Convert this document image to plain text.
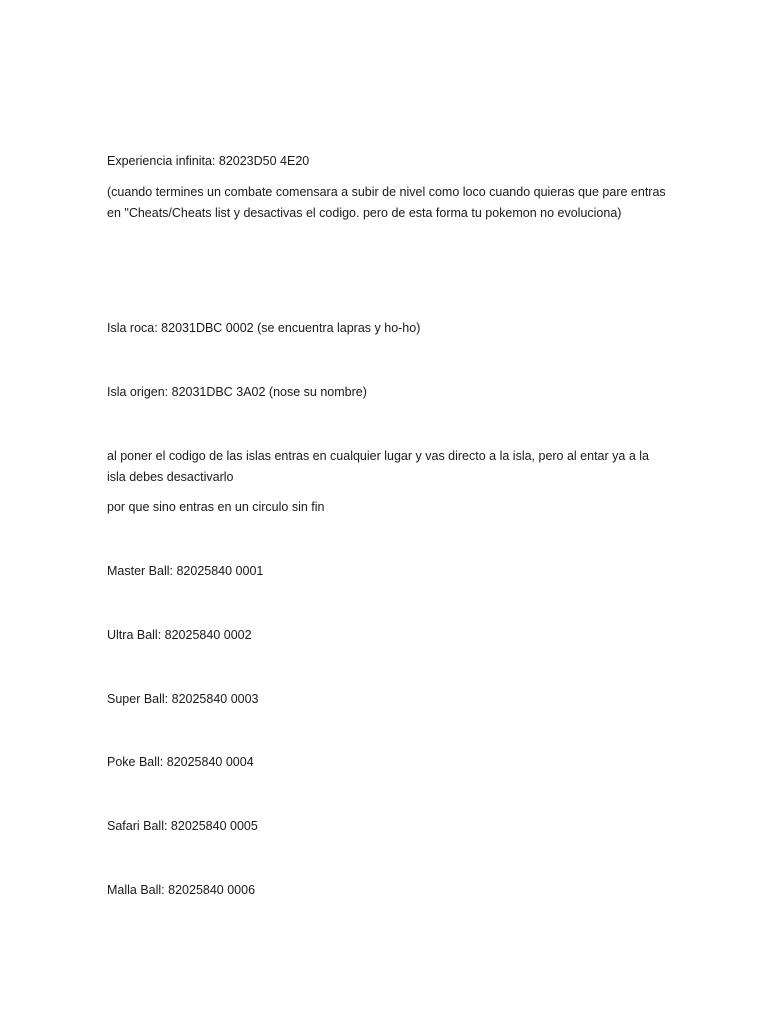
Experiencia infinita: 82023D50 4E20

(cuando termines un combate comensara a subir de nivel como loco cuando quieras que pare entras en "Cheats/Cheats list y desactivas el codigo. pero de esta forma tu pokemon no evoluciona)

Isla roca: 82031DBC 0002 (se encuentra lapras y ho-ho)

Isla origen: 82031DBC 3A02 (nose su nombre)

al poner el codigo de las islas entras en cualquier lugar y vas directo a la isla, pero al entar ya a la isla debes desactivarlo

por que sino entras en un circulo sin fin

Master Ball: 82025840 0001

Ultra Ball: 82025840 0002

Super Ball: 82025840 0003

Poke Ball: 82025840 0004

Safari Ball: 82025840 0005

Malla Ball: 82025840 0006
